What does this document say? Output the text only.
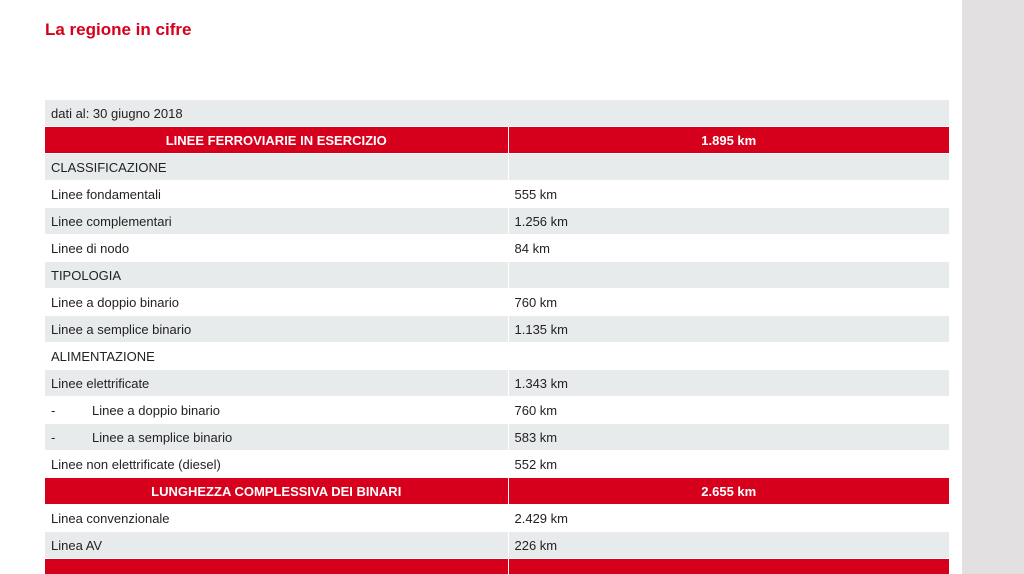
La regione in cifre
dati al: 30 giugno 2018	
LINEE FERROVIARIE IN ESERCIZIO	1.895 km
CLASSIFICAZIONE	
Linee fondamentali	555 km
Linee complementari	1.256 km
Linee di nodo	84 km
TIPOLOGIA	
Linee a doppio binario	760 km
Linee a semplice binario	1.135 km
ALIMENTAZIONE	
Linee elettrificate	1.343 km
- Linee a doppio binario	760 km
- Linee a semplice binario	583 km
Linee non elettrificate (diesel)	552 km
LUNGHEZZA COMPLESSIVA DEI BINARI	2.655 km
Linea convenzionale	2.429 km
Linea AV	226 km
